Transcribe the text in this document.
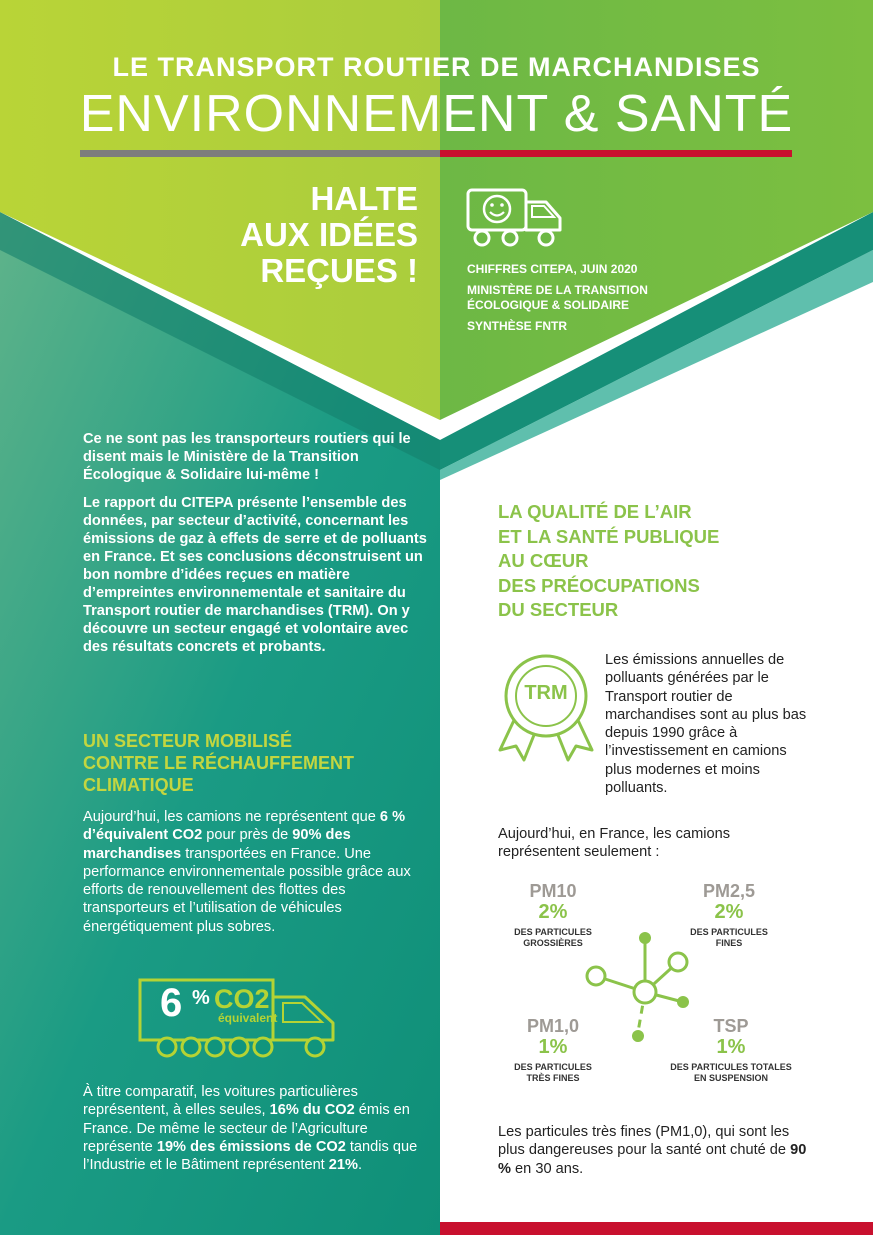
LE TRANSPORT ROUTIER DE MARCHANDISES
ENVIRONNEMENT & SANTÉ
HALTE
AUX IDÉES
REÇUES !	CHIFFRES CITEPA, JUIN 2020
MINISTÈRE DE LA TRANSITION
ÉCOLOGIQUE & SOLIDAIRE
SYNTHÈSE FNTR

Ce ne sont pas les transporteurs routiers qui le disent mais le Ministère de la Transition Écologique & Solidaire lui-même !

Le rapport du CITEPA présente l’ensemble des données, par secteur d’activité, concernant les émissions de gaz à effets de serre et de polluants en France. Et ses conclusions déconstruisent un bon nombre d’idées reçues en matière d’empreintes environnementale et sanitaire du Transport routier de marchandises (TRM). On y découvre un secteur engagé et volontaire avec des résultats concrets et probants.

UN SECTEUR MOBILISÉ
CONTRE LE RÉCHAUFFEMENT
CLIMATIQUE
Aujourd’hui, les camions ne représentent que 6 % d’équivalent CO2 pour près de 90% des marchandises transportées en France. Une performance environnementale possible grâce aux efforts de renouvellement des flottes des transporteurs et l’utilisation de véhicules énergétiquement plus sobres.
6 % CO2
équivalent
À titre comparatif, les voitures particulières représentent, à elles seules, 16% du CO2 émis en France. De même le secteur de l’Agriculture représente 19% des émissions de CO2 tandis que l’Industrie et le Bâtiment représentent 21%.
LA QUALITÉ DE L’AIR
ET LA SANTÉ PUBLIQUE
AU CŒUR
DES PRÉOCUPATIONS
DU SECTEUR
TRM
Les émissions annuelles de polluants générées par le Transport routier de marchandises sont au plus bas depuis 1990 grâce à l’investissement en camions plus modernes et moins polluants.
Aujourd’hui, en France, les camions représentent seulement :
PM10
2%
DES PARTICULES
GROSSIÈRES
PM2,5
2%
DES PARTICULES
FINES
PM1,0
1%
DES PARTICULES
TRÈS FINES
TSP
1%
DES PARTICULES TOTALES
EN SUSPENSION
Les particules très fines (PM1,0), qui sont les plus dangereuses pour la santé ont chuté de 90 % en 30 ans.
